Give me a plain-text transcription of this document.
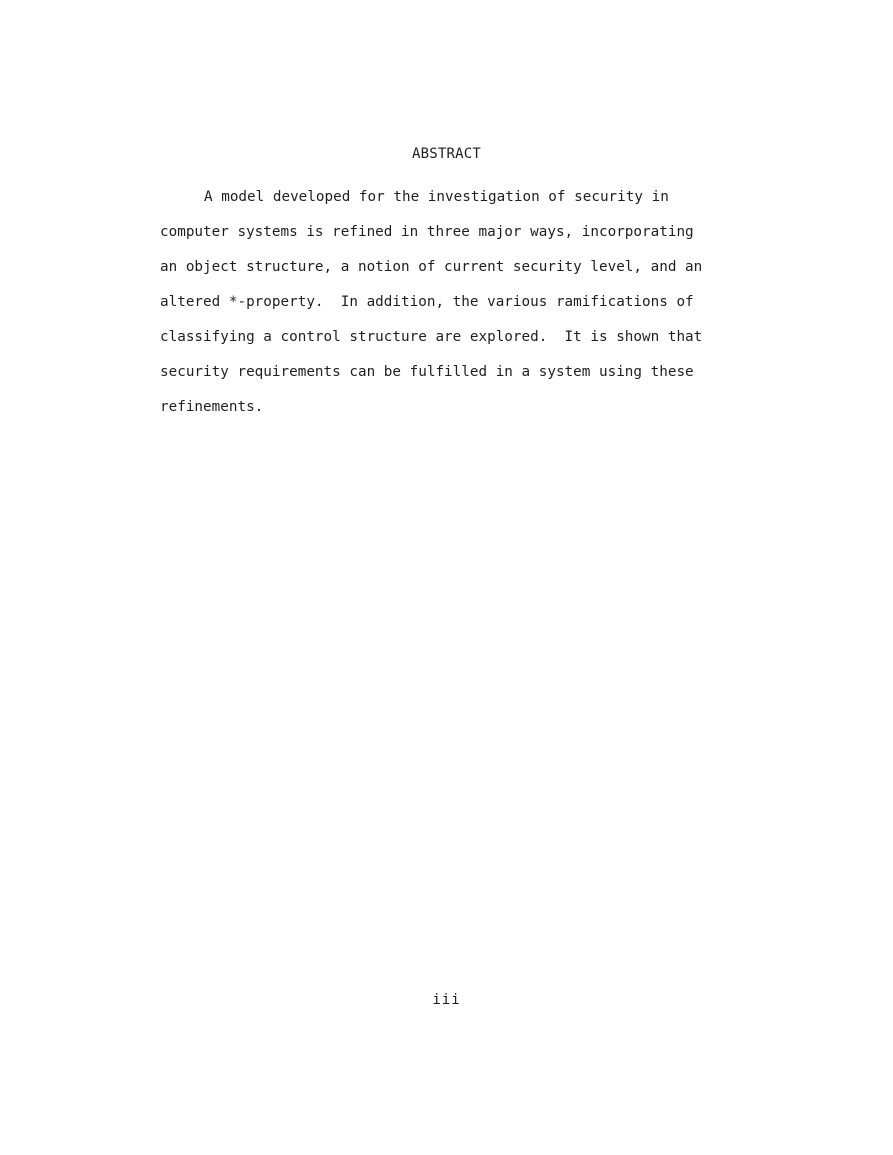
ABSTRACT
A model developed for the investigation of security in
computer systems is refined in three major ways, incorporating
an object structure, a notion of current security level, and an
altered *-property.  In addition, the various ramifications of
classifying a control structure are explored.  It is shown that
security requirements can be fulfilled in a system using these
refinements.
iii
